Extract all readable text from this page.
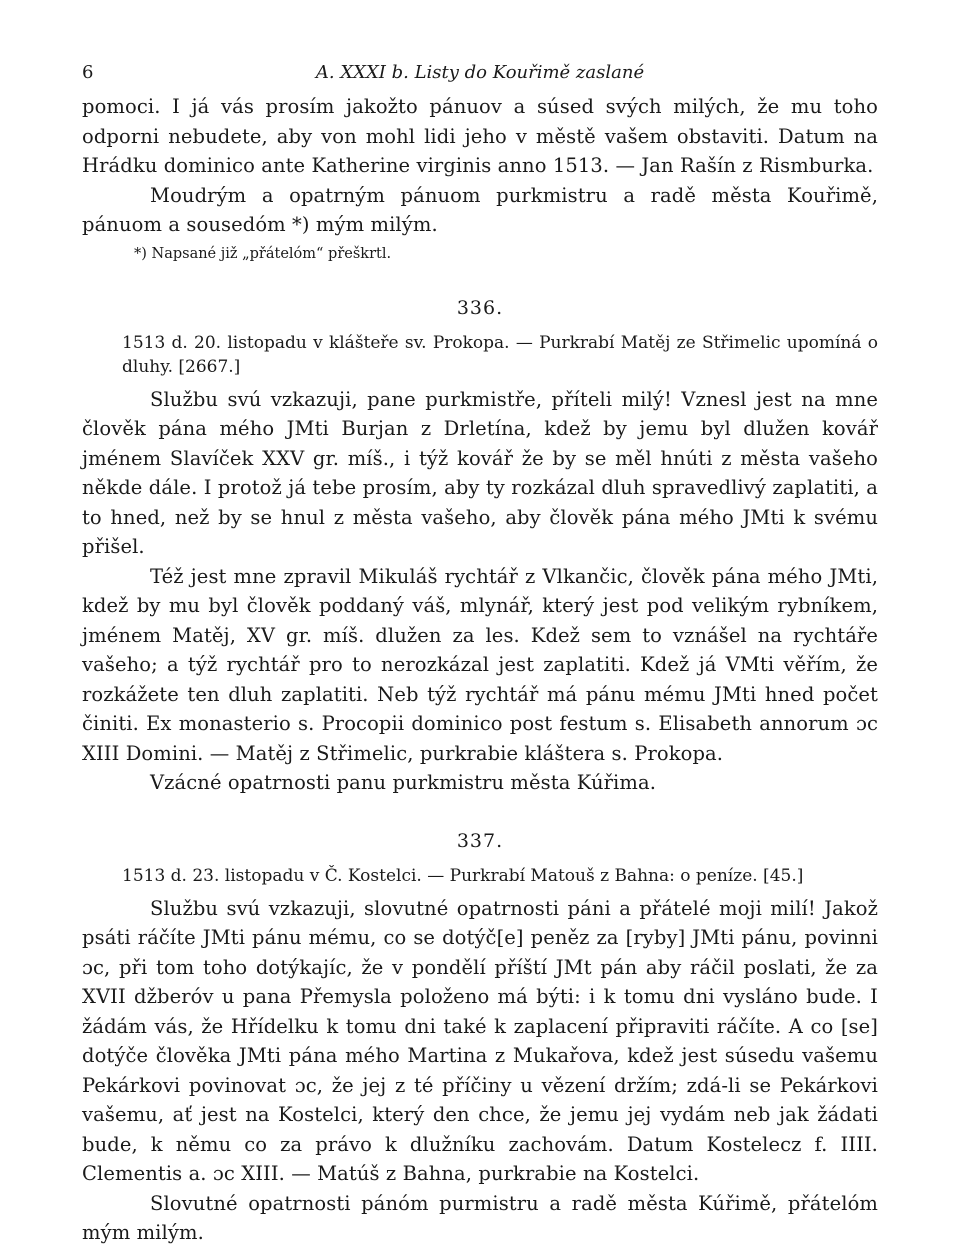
6	A. XXXI b. Listy do Kouřimě zaslané

pomoci. I já vás prosím jakožto pánuov a súsed svých milých, že mu toho odporni nebudete, aby von mohl lidi jeho v městě vašem obstaviti. Datum na Hrádku dominico ante Katherine virginis anno 1513. — Jan Rašín z Rismburka.

Moudrým a opatrným pánuom purkmistru a radě města Kouřimě, pánuom a sousedóm *) mým milým.

*) Napsané již „přátelóm“ přeškrtl.

336.

1513 d. 20. listopadu v klášteře sv. Prokopa. — Purkrabí Matěj ze Střimelic upomíná o dluhy. [2667.]

Službu svú vzkazuji, pane purkmistře, příteli milý! Vznesl jest na mne člověk pána mého JMti Burjan z Drletína, kdež by jemu byl dlužen kovář jménem Slavíček XXV gr. míš., i týž kovář že by se měl hnúti z města vašeho někde dále. I protož já tebe prosím, aby ty rozkázal dluh spravedlivý zaplatiti, a to hned, než by se hnul z města vašeho, aby člověk pána mého JMti k svému přišel.

Též jest mne zpravil Mikuláš rychtář z Vlkančic, člověk pána mého JMti, kdež by mu byl člověk poddaný váš, mlynář, který jest pod velikým rybníkem, jménem Matěj, XV gr. míš. dlužen za les. Kdež sem to vznášel na rychtáře vašeho; a týž rychtář pro to nerozkázal jest zaplatiti. Kdež já VMti věřím, že rozkážete ten dluh zaplatiti. Neb týž rychtář má pánu mému JMti hned počet činiti. Ex monasterio s. Procopii dominico post festum s. Elisabeth annorum ɔc XIII Domini. — Matěj z Střimelic, purkrabie kláštera s. Prokopa.

Vzácné opatrnosti panu purkmistru města Kúřima.

337.

1513 d. 23. listopadu v Č. Kostelci. — Purkrabí Matouš z Bahna: o peníze. [45.]

Službu svú vzkazuji, slovutné opatrnosti páni a přátelé moji milí! Jakož psáti ráčíte JMti pánu mému, co se dotýč[e] peněz za [ryby] JMti pánu, povinni ɔc, při tom toho dotýkajíc, že v pondělí příští JMt pán aby ráčil poslati, že za XVII džberóv u pana Přemysla položeno má býti: i k tomu dni vysláno bude. I žádám vás, že Hřídelku k tomu dni také k zaplacení připraviti ráčíte. A co [se] dotýče člověka JMti pána mého Martina z Mukařova, kdež jest súsedu vašemu Pekárkovi povinovat ɔc, že jej z té příčiny u vězení držím; zdá-li se Pekárkovi vašemu, ať jest na Kostelci, který den chce, že jemu jej vydám neb jak žádati bude, k němu co za právo k dlužníku zachovám. Datum Kostelecz f. IIII. Clementis a. ɔc XIII. — Matúš z Bahna, purkrabie na Kostelci.

Slovutné opatrnosti pánóm purmistru a radě města Kúřimě, přátelóm mým milým.
